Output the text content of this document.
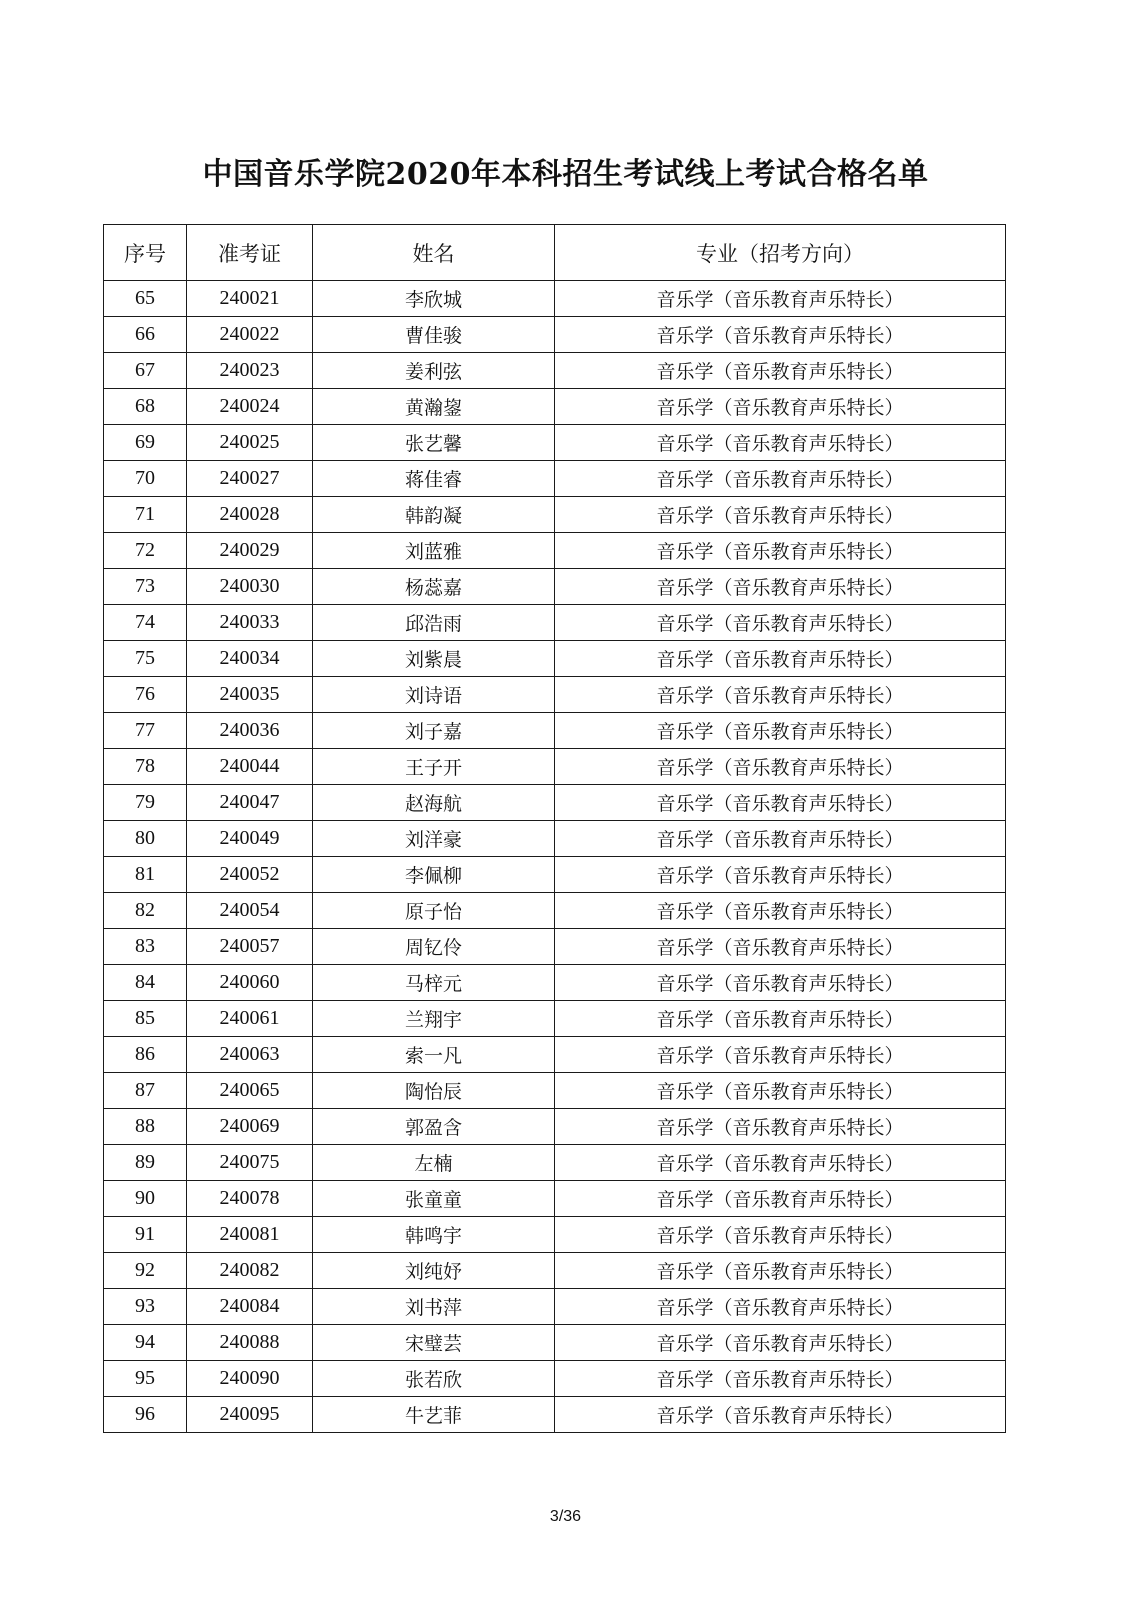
中国音乐学院2020年本科招生考试线上考试合格名单
序号	准考证	姓名	专业（招考方向）
65	240021	李欣城	音乐学（音乐教育声乐特长）
66	240022	曹佳骏	音乐学（音乐教育声乐特长）
67	240023	姜利弦	音乐学（音乐教育声乐特长）
68	240024	黄瀚鋆	音乐学（音乐教育声乐特长）
69	240025	张艺馨	音乐学（音乐教育声乐特长）
70	240027	蒋佳睿	音乐学（音乐教育声乐特长）
71	240028	韩韵凝	音乐学（音乐教育声乐特长）
72	240029	刘蓝雅	音乐学（音乐教育声乐特长）
73	240030	杨蕊嘉	音乐学（音乐教育声乐特长）
74	240033	邱浩雨	音乐学（音乐教育声乐特长）
75	240034	刘紫晨	音乐学（音乐教育声乐特长）
76	240035	刘诗语	音乐学（音乐教育声乐特长）
77	240036	刘子嘉	音乐学（音乐教育声乐特长）
78	240044	王子开	音乐学（音乐教育声乐特长）
79	240047	赵海航	音乐学（音乐教育声乐特长）
80	240049	刘洋豪	音乐学（音乐教育声乐特长）
81	240052	李佩柳	音乐学（音乐教育声乐特长）
82	240054	原子怡	音乐学（音乐教育声乐特长）
83	240057	周钇伶	音乐学（音乐教育声乐特长）
84	240060	马梓元	音乐学（音乐教育声乐特长）
85	240061	兰翔宇	音乐学（音乐教育声乐特长）
86	240063	索一凡	音乐学（音乐教育声乐特长）
87	240065	陶怡辰	音乐学（音乐教育声乐特长）
88	240069	郭盈含	音乐学（音乐教育声乐特长）
89	240075	左楠	音乐学（音乐教育声乐特长）
90	240078	张童童	音乐学（音乐教育声乐特长）
91	240081	韩鸣宇	音乐学（音乐教育声乐特长）
92	240082	刘纯妤	音乐学（音乐教育声乐特长）
93	240084	刘书萍	音乐学（音乐教育声乐特长）
94	240088	宋璧芸	音乐学（音乐教育声乐特长）
95	240090	张若欣	音乐学（音乐教育声乐特长）
96	240095	牛艺菲	音乐学（音乐教育声乐特长）
3/36
